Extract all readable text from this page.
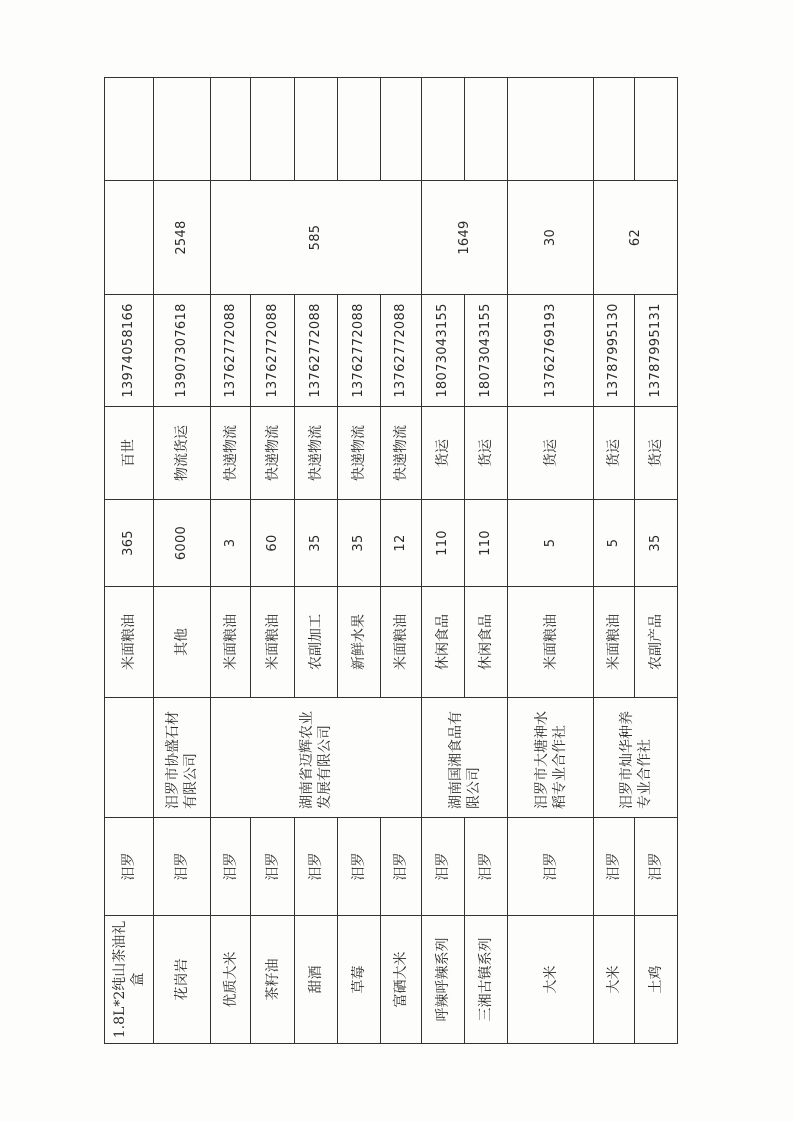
1.8L*2纯山茶油礼盒	汨罗		米面粮油	365	百世	13974058166		
花岗岩	汨罗	汨罗市协盛石材有限公司	其他	6000	物流货运	13907307618	2548	
优质大米	汨罗	湖南省迈辉农业发展有限公司	米面粮油	3	快递物流	13762772088	585	
茶籽油	汨罗		米面粮油	60	快递物流	13762772088		
甜酒	汨罗		农副加工	35	快递物流	13762772088		
草莓	汨罗		新鲜水果	35	快递物流	13762772088		
富硒大米	汨罗		米面粮油	12	快递物流	13762772088		
呼辣呼辣系列	汨罗	湖南国湘食品有限公司	休闲食品	110	货运	18073043155	1649	
三湘古镇系列	汨罗		休闲食品	110	货运	18073043155		
大米	汨罗	汨罗市大塘神水稻专业合作社	米面粮油	5	货运	13762769193	30	
大米	汨罗	汨罗市灿华种养专业合作社	米面粮油	5	货运	13787995130	62	
土鸡	汨罗		农副产品	35	货运	13787995131		
